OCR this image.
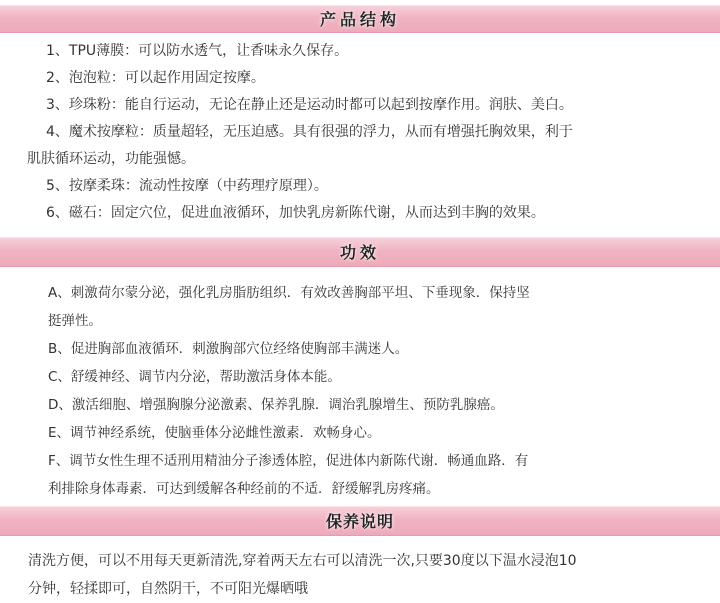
产品结构
1、TPU薄膜：可以防水透气，让香味永久保存。
2、泡泡粒：可以起作用固定按摩。
3、珍珠粉：能自行运动，无论在静止还是运动时都可以起到按摩作用。润肤、美白。
4、魔术按摩粒：质量超轻，无压迫感。具有很强的浮力，从而有增强托胸效果，利于
肌肤循环运动，功能强憾。
5、按摩柔珠：流动性按摩（中药理疗原理）。
6、磁石：固定穴位，促进血液循环，加快乳房新陈代谢，从而达到丰胸的效果。
功效
A、刺激荷尔蒙分泌，强化乳房脂肪组织．有效改善胸部平坦、下垂现象．保持坚
挺弹性。
B、促进胸部血液循环．刺激胸部穴位经络使胸部丰满迷人。
C、舒缓神经、调节内分泌，帮助激活身体本能。
D、激活细胞、增强胸腺分泌激素、保养乳腺．调治乳腺增生、预防乳腺癌。
E、调节神经系统，使脑垂体分泌雌性激素．欢畅身心。
F、调节女性生理不适刑用精油分子渗透体腔，促进体内新陈代谢．畅通血路．有
利排除身体毒素．可达到缓解各种经前的不适．舒缓解乳房疼痛。
保养说明
清洗方便，可以不用每天更新清洗,穿着两天左右可以清洗一次,只要30度以下温水浸泡10
分钟，轻揉即可，自然阴干，不可阳光爆晒哦
